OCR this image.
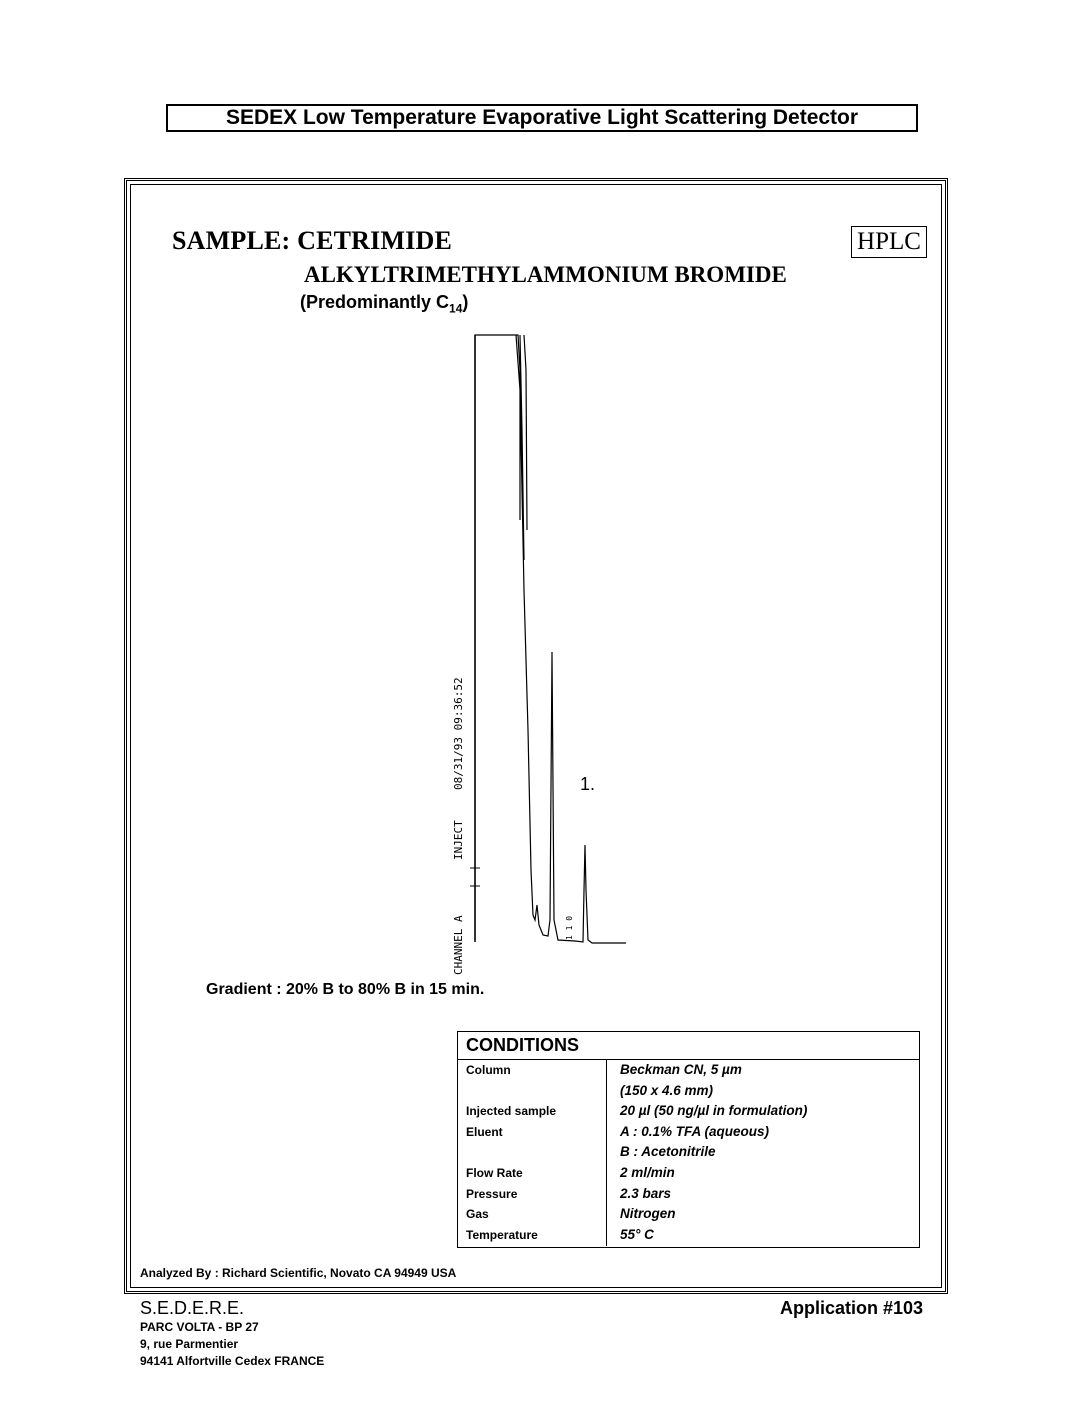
SEDEX Low Temperature Evaporative Light Scattering Detector
SAMPLE: CETRIMIDE	HPLC
ALKYLTRIMETHYLAMMONIUM BROMIDE
(Predominantly $C_{14}$)
CHANNEL A
INJECT
08/31/93 09:36:52	1.
1 1 0
Gradient : 20% B to 80% B in 15 min.
CONDITIONS
Column	Beckman CN, 5 µm
(150 x 4.6 mm)
Injected sample	20 µl (50 ng/µl in formulation)
Eluent	A : 0.1% TFA (aqueous)
B : Acetonitrile
Flow Rate	2 ml/min
Pressure	2.3 bars
Gas	Nitrogen
Temperature	55° C
Analyzed By : Richard Scientific, Novato CA 94949 USA
S.E.D.E.R.E.
PARC VOLTA - BP 27
9, rue Parmentier
94141 Alfortville Cedex FRANCE
Application #103
